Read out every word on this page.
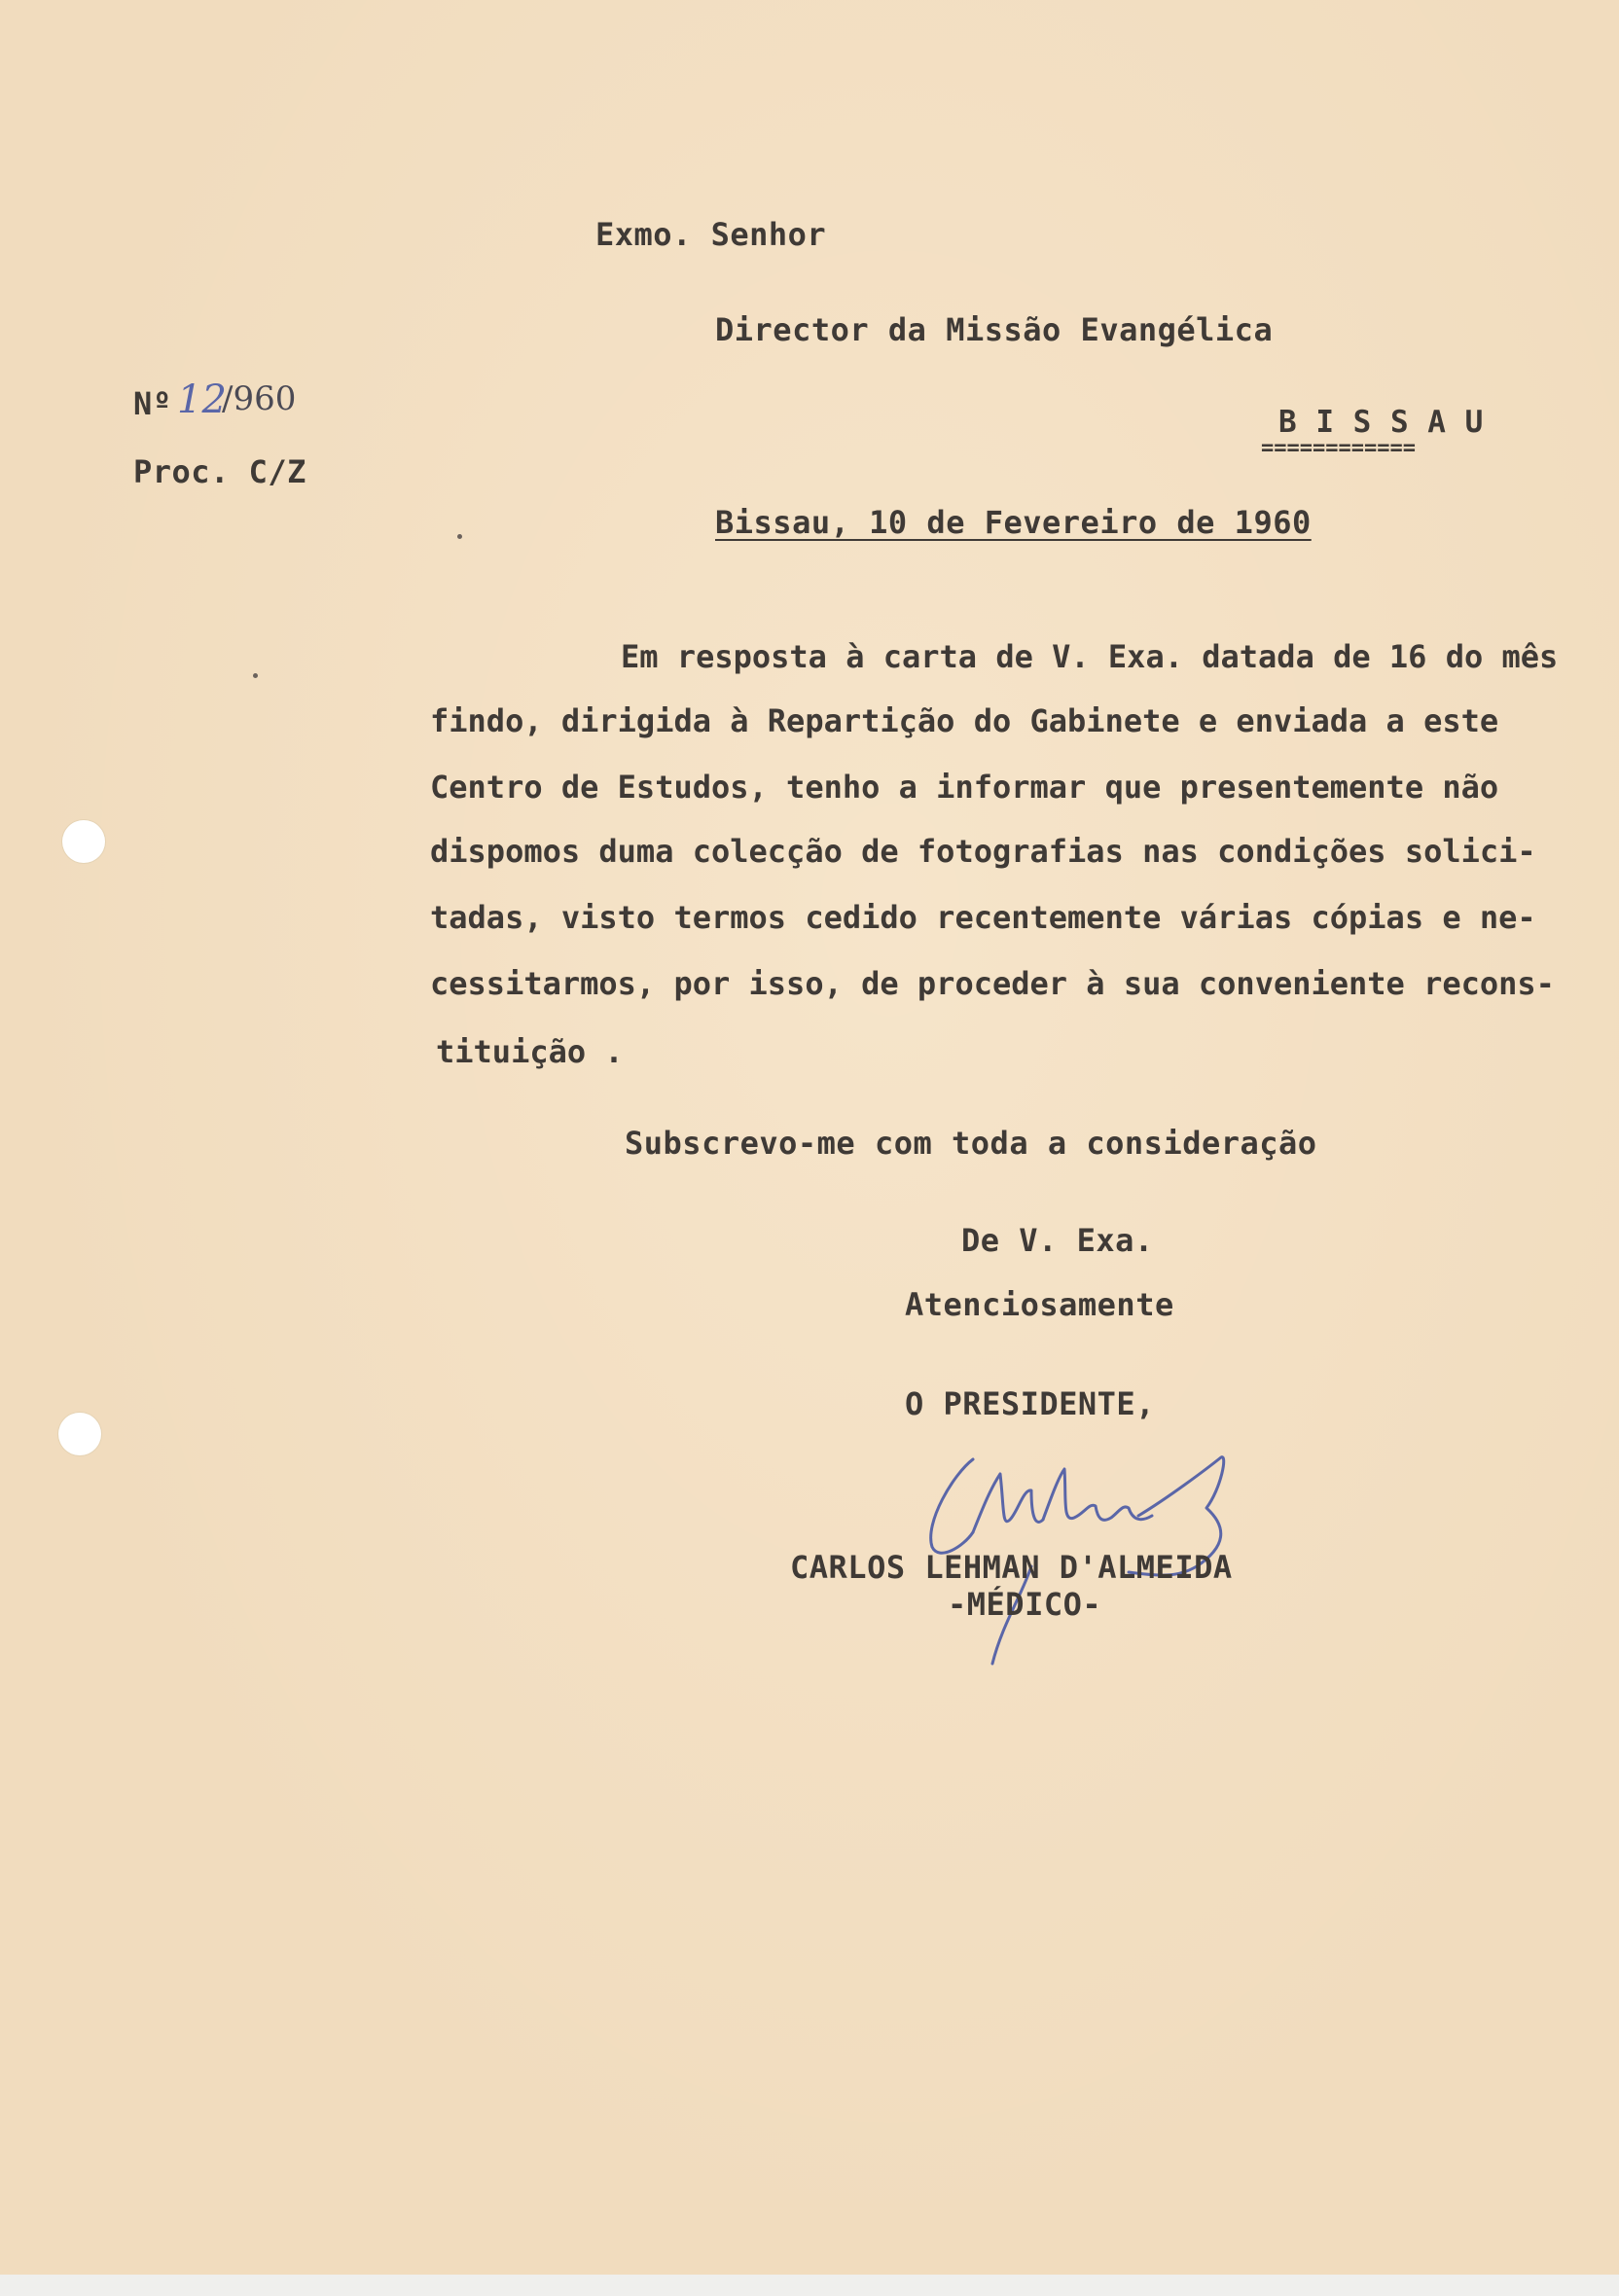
Nº 12
/960
Proc. C/Z
Exmo. Senhor
Director da Missão Evangélica
B I S S A U
============
Bissau, 10 de Fevereiro de 1960
Em resposta à carta de V. Exa. datada de 16 do mês
findo, dirigida à Repartição do Gabinete e enviada a este
Centro de Estudos, tenho a informar que presentemente não
dispomos duma colecção de fotografias nas condições solici-
tadas, visto termos cedido recentemente várias cópias e ne-
cessitarmos, por isso, de proceder à sua conveniente recons-
tituição .
Subscrevo-me com toda a consideração
De V. Exa.
Atenciosamente
O PRESIDENTE,
CARLOS LEHMAN D'ALMEIDA
-MÉDICO-
